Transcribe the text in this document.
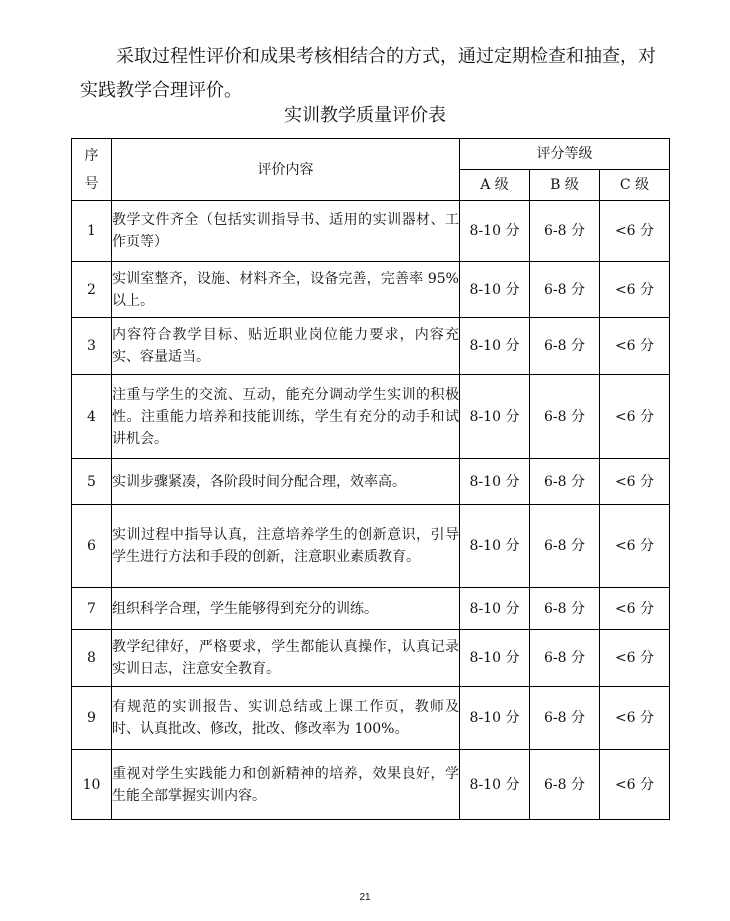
采取过程性评价和成果考核相结合的方式，通过定期检查和抽查，对
实践教学合理评价。

实训教学质量评价表
序
号	评价内容	评分等级		
		A 级	B 级	C 级
1	教学文件齐全（包括实训指导书、适用的实训器材、工作页等）	8-10 分	6-8 分	<6 分
2	实训室整齐，设施、材料齐全，设备完善，完善率 95%以上。	8-10 分	6-8 分	<6 分
3	内容符合教学目标、贴近职业岗位能力要求，内容充实、容量适当。	8-10 分	6-8 分	<6 分
4	注重与学生的交流、互动，能充分调动学生实训的积极性。注重能力培养和技能训练，学生有充分的动手和试讲机会。	8-10 分	6-8 分	<6 分
5	实训步骤紧凑，各阶段时间分配合理，效率高。	8-10 分	6-8 分	<6 分
6	实训过程中指导认真，注意培养学生的创新意识，引导学生进行方法和手段的创新，注意职业素质教育。	8-10 分	6-8 分	<6 分
7	组织科学合理，学生能够得到充分的训练。	8-10 分	6-8 分	<6 分
8	教学纪律好，严格要求，学生都能认真操作，认真记录实训日志，注意安全教育。	8-10 分	6-8 分	<6 分
9	有规范的实训报告、实训总结或上课工作页，教师及时、认真批改、修改，批改、修改率为 100%。	8-10 分	6-8 分	<6 分
10	重视对学生实践能力和创新精神的培养，效果良好，学生能全部掌握实训内容。	8-10 分	6-8 分	<6 分
21
